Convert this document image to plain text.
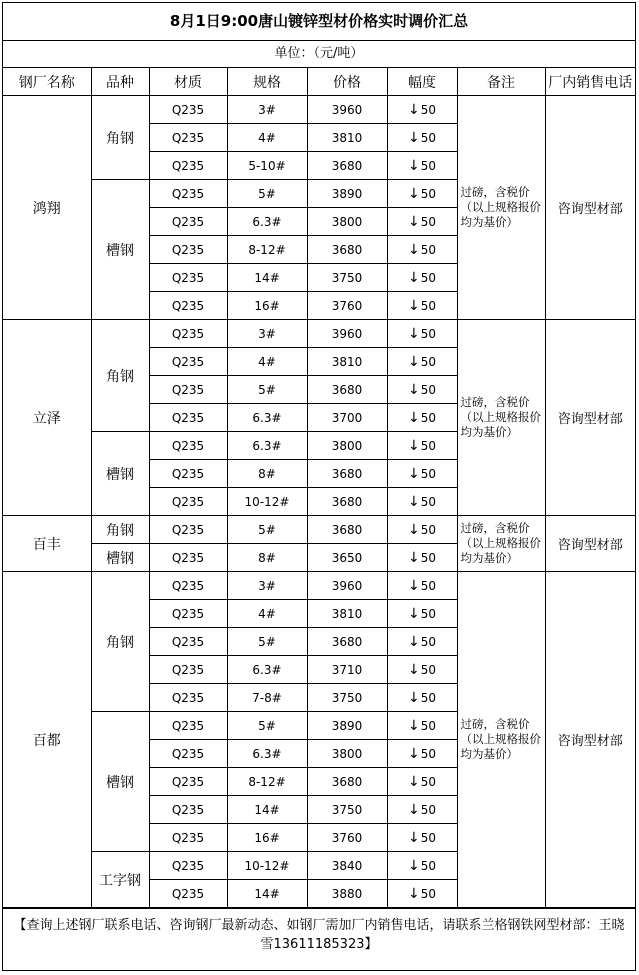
8月1日9:00唐山镀锌型材价格实时调价汇总
单位：（元/吨）
钢厂名称	品种	材质	规格	价格	幅度	备注	厂内销售电话
鸿翔	角钢	Q235	3#	3960	↓50	过磅，含税价（以上规格报价均为基价）	咨询型材部
		Q235	4#	3810	↓50		
		Q235	5-10#	3680	↓50		
	槽钢	Q235	5#	3890	↓50		
		Q235	6.3#	3800	↓50		
		Q235	8-12#	3680	↓50		
		Q235	14#	3750	↓50		
		Q235	16#	3760	↓50		
立泽	角钢	Q235	3#	3960	↓50	过磅，含税价（以上规格报价均为基价）	咨询型材部
		Q235	4#	3810	↓50		
		Q235	5#	3680	↓50		
		Q235	6.3#	3700	↓50		
	槽钢	Q235	6.3#	3800	↓50		
		Q235	8#	3680	↓50		
		Q235	10-12#	3680	↓50		
百丰	角钢	Q235	5#	3680	↓50	过磅，含税价（以上规格报价均为基价）	咨询型材部
	槽钢	Q235	8#	3650	↓50		
百都	角钢	Q235	3#	3960	↓50	过磅，含税价（以上规格报价均为基价）	咨询型材部
		Q235	4#	3810	↓50		
		Q235	5#	3680	↓50		
		Q235	6.3#	3710	↓50		
		Q235	7-8#	3750	↓50		
	槽钢	Q235	5#	3890	↓50		
		Q235	6.3#	3800	↓50		
		Q235	8-12#	3680	↓50		
		Q235	14#	3750	↓50		
		Q235	16#	3760	↓50		
	工字钢	Q235	10-12#	3840	↓50		
		Q235	14#	3880	↓50		
【查询上述钢厂联系电话、咨询钢厂最新动态、如钢厂需加厂内销售电话，请联系兰格钢铁网型材部：王晓雪13611185323】
